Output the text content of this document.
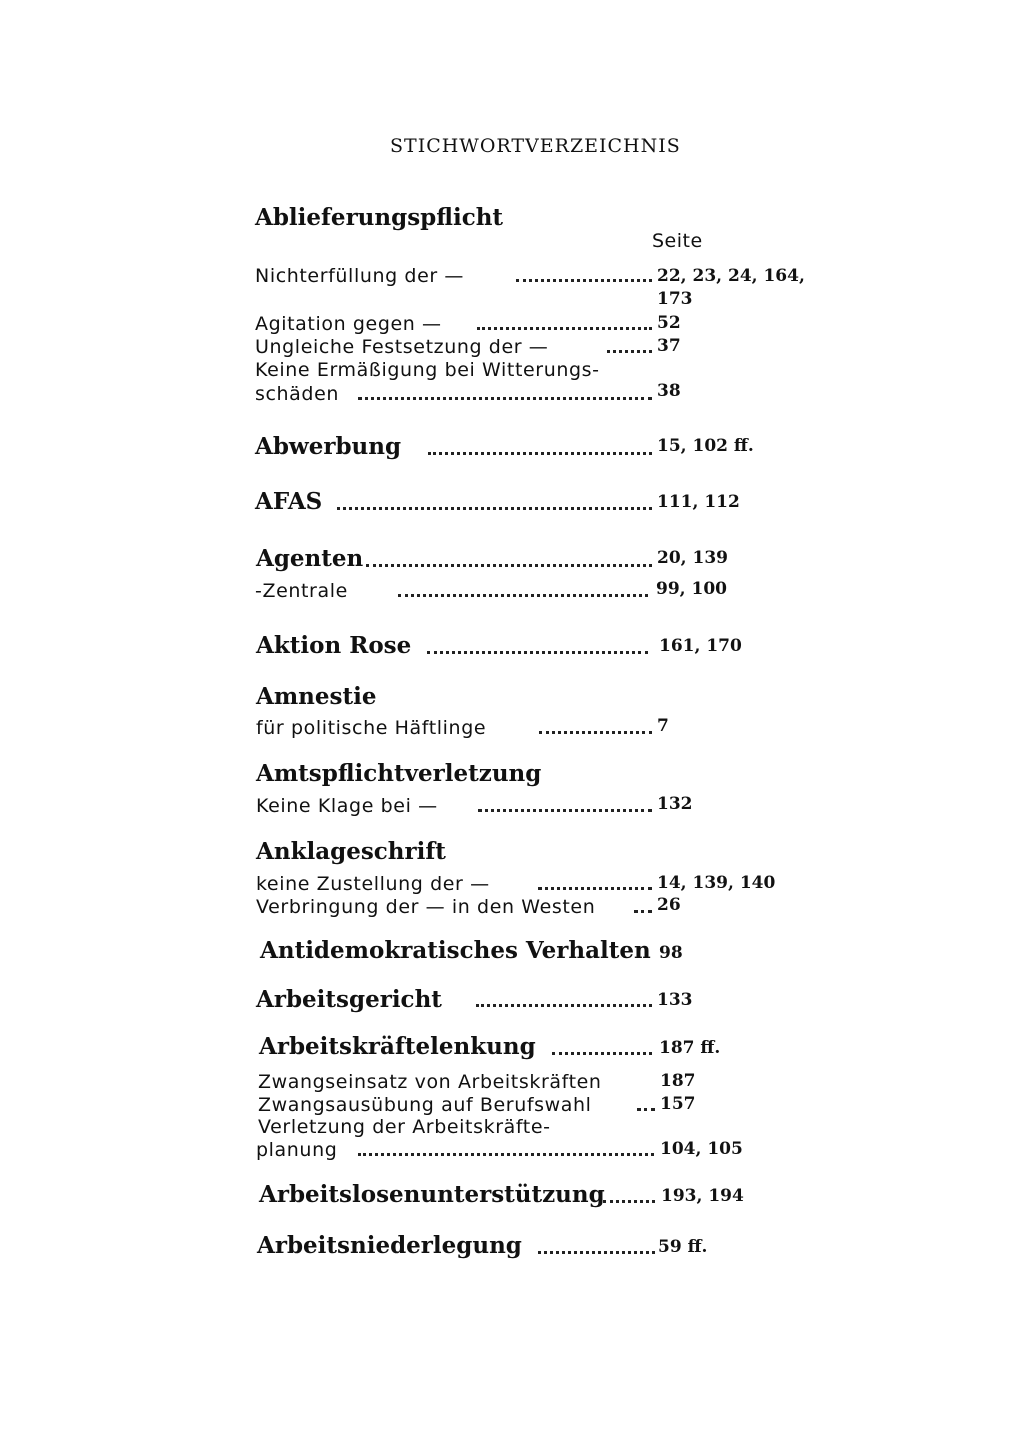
STICHWORTVERZEICHNIS
Ablieferungspflicht
Seite
Nichterfüllung der —	22, 23, 24, 164,
173
Agitation gegen —	52
Ungleiche Festsetzung der —	37
Keine Ermäßigung bei Witterungs-
schäden	38
Abwerbung	15, 102 ff.
AFAS	111, 112
Agenten	20, 139
-Zentrale	99, 100
Aktion Rose	161, 170
Amnestie
für politische Häftlinge	7
Amtspflichtverletzung
Keine Klage bei —	132
Anklageschrift
keine Zustellung der —	14, 139, 140
Verbringung der — in den Westen	26
Antidemokratisches Verhalten 98
Arbeitsgericht	133
Arbeitskräftelenkung	187 ff.
Zwangseinsatz von Arbeitskräften	187
Zwangsausübung auf Berufswahl	157
Verletzung der Arbeitskräfte-
planung	104, 105
Arbeitslosenunterstützung	193, 194
Arbeitsniederlegung	59 ff.
